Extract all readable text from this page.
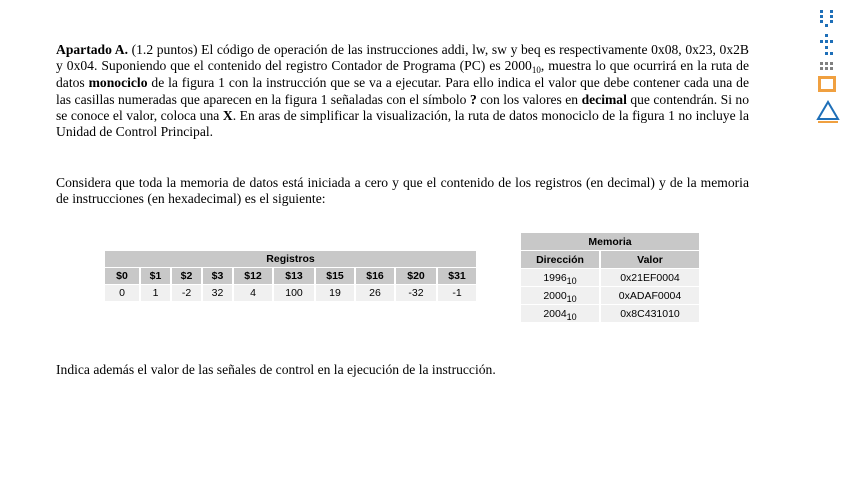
Apartado A. (1.2 puntos) El código de operación de las instrucciones addi, lw, sw y beq es respectivamente 0x08, 0x23, 0x2B y 0x04. Suponiendo que el contenido del registro Contador de Programa (PC) es $2000_{10}$, muestra lo que ocurrirá en la ruta de datos monociclo de la figura 1 con la instrucción que se va a ejecutar. Para ello indica el valor que debe contener cada una de las casillas numeradas que aparecen en la figura 1 señaladas con el símbolo ? con los valores en decimal que contendrán. Si no se conoce el valor, coloca una X. En aras de simplificar la visualización, la ruta de datos monociclo de la figura 1 no incluye la Unidad de Control Principal.
Considera que toda la memoria de datos está iniciada a cero y que el contenido de los registros (en decimal) y de la memoria de instrucciones (en hexadecimal) es el siguiente:
Registros									
$0	$1	$2	$3	$12	$13	$15	$16	$20	$31
0	1	-2	32	4	100	19	26	-32	-1
Memoria	
Dirección	Valor
$1996_{10}$	0x21EF0004
$2000_{10}$	0xADAF0004
$2004_{10}$	0x8C431010
Indica además el valor de las señales de control en la ejecución de la instrucción.
